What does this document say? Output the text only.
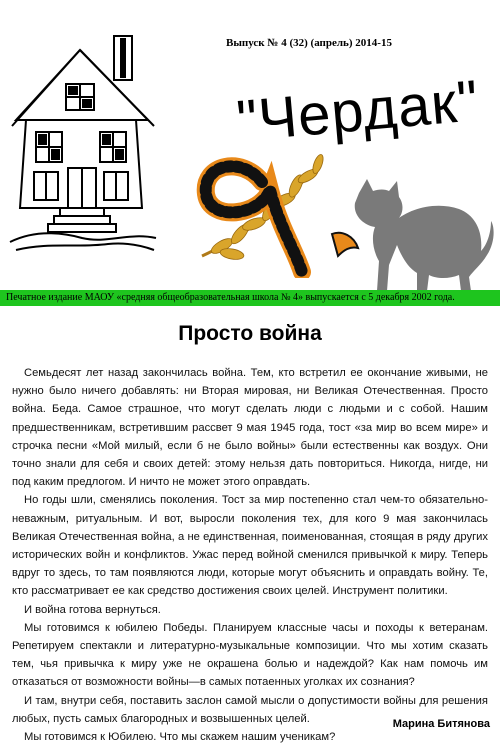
Выпуск № 4 (32) (апрель) 2014-15
"Чердак"
Печатное издание МАОУ «средняя общеобразовательная школа № 4» выпускается с 5 декабря 2002 года.
Просто война

Семьдесят лет назад закончилась война. Тем, кто встретил ее окончание живыми, не нужно было ничего добавлять: ни Вторая мировая, ни Великая Отечественная. Просто война. Беда. Самое страшное, что могут сделать люди с людьми и с собой. Нашим предшественникам, встретившим рассвет 9 мая 1945 года, тост «за мир во всем мире» и строчка песни «Мой милый, если б не было войны» были естественны как воздух. Они точно знали для себя и своих детей: этому нельзя дать повториться. Никогда, нигде, ни под каким предлогом. И ничто не может этого оправдать.

Но годы шли, сменялись поколения. Тост за мир постепенно стал чем-то обязательно-неважным, ритуальным. И вот, выросли поколения тех, для кого 9 мая закончилась Великая Отечественная война, а не единственная, поименованная, стоящая в ряду других исторических войн и конфликтов. Ужас перед войной сменился привычкой к миру. Теперь вдруг то здесь, то там появляются люди, которые могут объяснить и оправдать войну. Те, кто рассматривает ее как средство достижения своих целей. Инструмент политики.

И война готова вернуться.

Мы готовимся к юбилею Победы. Планируем классные часы и походы к ветеранам. Репетируем спектакли и литературно-музыкальные композиции. Что мы хотим сказать тем, чья привычка к миру уже не окрашена болью и надеждой? Как нам помочь им отказаться от возможности войны—в самых потаенных уголках их сознания?

И там, внутри себя, поставить заслон самой мысли о допустимости войны для решения любых, пусть самых благородных и возвышенных целей.

Мы готовимся к Юбилею. Что мы скажем нашим ученикам?

Марина Битянова
